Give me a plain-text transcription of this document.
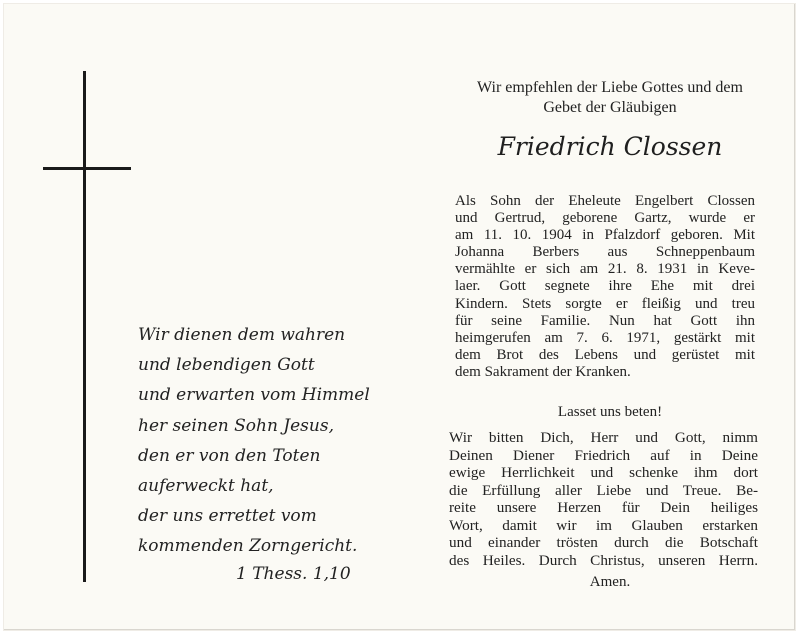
Wir dienen dem wahren
und lebendigen Gott
und erwarten vom Himmel
her seinen Sohn Jesus,
den er von den Toten
auferweckt hat,
der uns errettet vom
kommenden Zorngericht.
1 Thess. 1,10
Wir empfehlen der Liebe Gottes und dem
Gebet der Gläubigen
Friedrich Clossen
Als Sohn der Eheleute Engelbert Clossen
und Gertrud, geborene Gartz, wurde er
am 11. 10. 1904 in Pfalzdorf geboren. Mit
Johanna Berbers aus Schneppenbaum
vermählte er sich am 21. 8. 1931 in Keve-
laer. Gott segnete ihre Ehe mit drei
Kindern. Stets sorgte er fleißig und treu
für seine Familie. Nun hat Gott ihn
heimgerufen am 7. 6. 1971, gestärkt mit
dem Brot des Lebens und gerüstet mit
dem Sakrament der Kranken.
Lasset uns beten!
Wir bitten Dich, Herr und Gott, nimm
Deinen Diener Friedrich auf in Deine
ewige Herrlichkeit und schenke ihm dort
die Erfüllung aller Liebe und Treue. Be-
reite unsere Herzen für Dein heiliges
Wort, damit wir im Glauben erstarken
und einander trösten durch die Botschaft
des Heiles. Durch Christus, unseren Herrn.
Amen.
